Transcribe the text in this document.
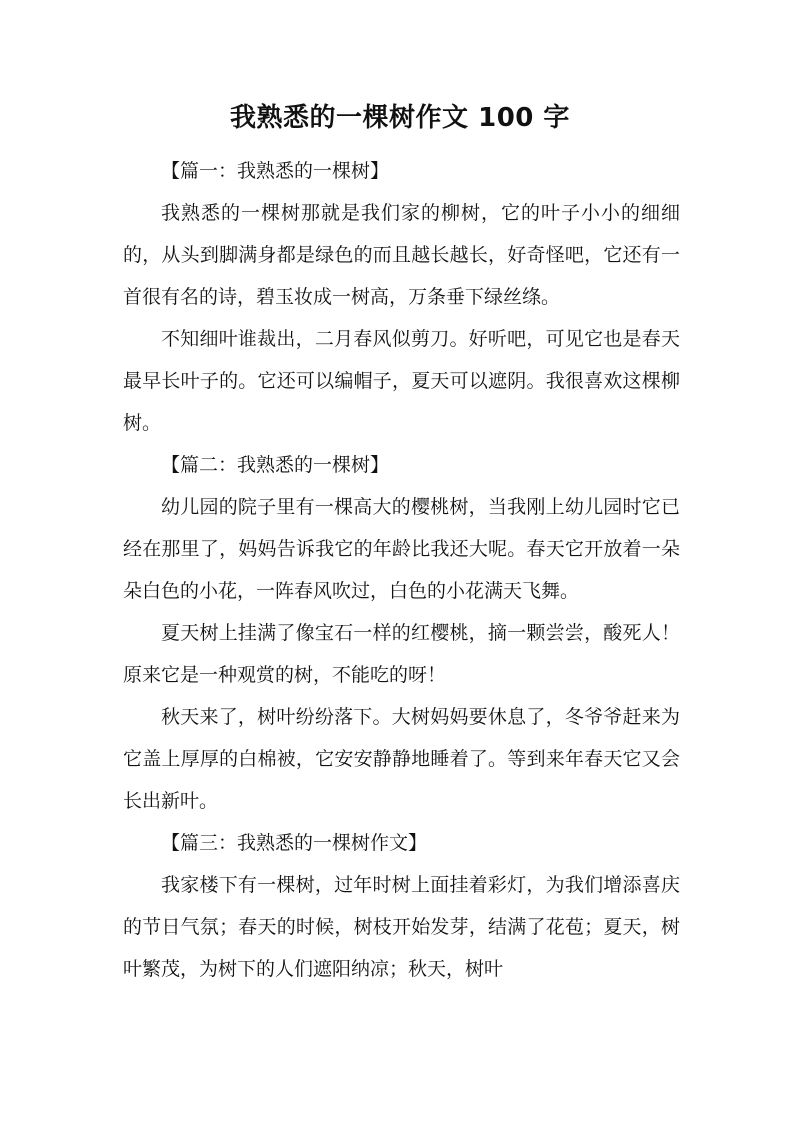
我熟悉的一棵树作文 100 字

【篇一：我熟悉的一棵树】

我熟悉的一棵树那就是我们家的柳树，它的叶子小小的细细的，从头到脚满身都是绿色的而且越长越长，好奇怪吧，它还有一首很有名的诗，碧玉妆成一树高，万条垂下绿丝绦。

不知细叶谁裁出，二月春风似剪刀。好听吧，可见它也是春天最早长叶子的。它还可以编帽子，夏天可以遮阴。我很喜欢这棵柳树。

【篇二：我熟悉的一棵树】

幼儿园的院子里有一棵高大的樱桃树，当我刚上幼儿园时它已经在那里了，妈妈告诉我它的年龄比我还大呢。春天它开放着一朵朵白色的小花，一阵春风吹过，白色的小花满天飞舞。

夏天树上挂满了像宝石一样的红樱桃，摘一颗尝尝，酸死人！原来它是一种观赏的树，不能吃的呀！

秋天来了，树叶纷纷落下。大树妈妈要休息了，冬爷爷赶来为它盖上厚厚的白棉被，它安安静静地睡着了。等到来年春天它又会长出新叶。

【篇三：我熟悉的一棵树作文】

我家楼下有一棵树，过年时树上面挂着彩灯，为我们增添喜庆的节日气氛；春天的时候，树枝开始发芽，结满了花苞；夏天，树叶繁茂，为树下的人们遮阳纳凉；秋天，树叶
